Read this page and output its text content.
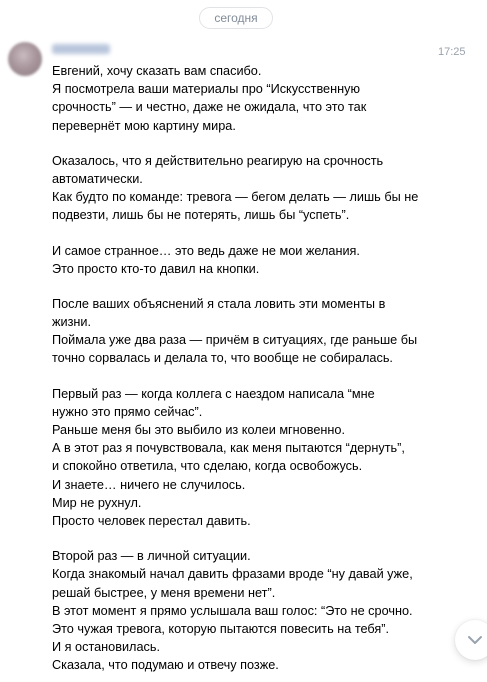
сегодня
17:25
Евгений, хочу сказать вам спасибо.
Я посмотрела ваши материалы про “Искусственную
срочность” — и честно, даже не ожидала, что это так
перевернёт мою картину мира.
Оказалось, что я действительно реагирую на срочность
автоматически.
Как будто по команде: тревога — бегом делать — лишь бы не
подвезти, лишь бы не потерять, лишь бы “успеть”.
И самое странное… это ведь даже не мои желания.
Это просто кто-то давил на кнопки.
После ваших объяснений я стала ловить эти моменты в
жизни.
Поймала уже два раза — причём в ситуациях, где раньше бы
точно сорвалась и делала то, что вообще не собиралась.
Первый раз — когда коллега с наездом написала “мне
нужно это прямо сейчас”.
Раньше меня бы это выбило из колеи мгновенно.
А в этот раз я почувствовала, как меня пытаются “дернуть”,
и спокойно ответила, что сделаю, когда освобожусь.
И знаете… ничего не случилось.
Мир не рухнул.
Просто человек перестал давить.
Второй раз — в личной ситуации.
Когда знакомый начал давить фразами вроде “ну давай уже,
решай быстрее, у меня времени нет”.
В этот момент я прямо услышала ваш голос: “Это не срочно.
Это чужая тревога, которую пытаются повесить на тебя”.
И я остановилась.
Сказала, что подумаю и отвечу позже.
